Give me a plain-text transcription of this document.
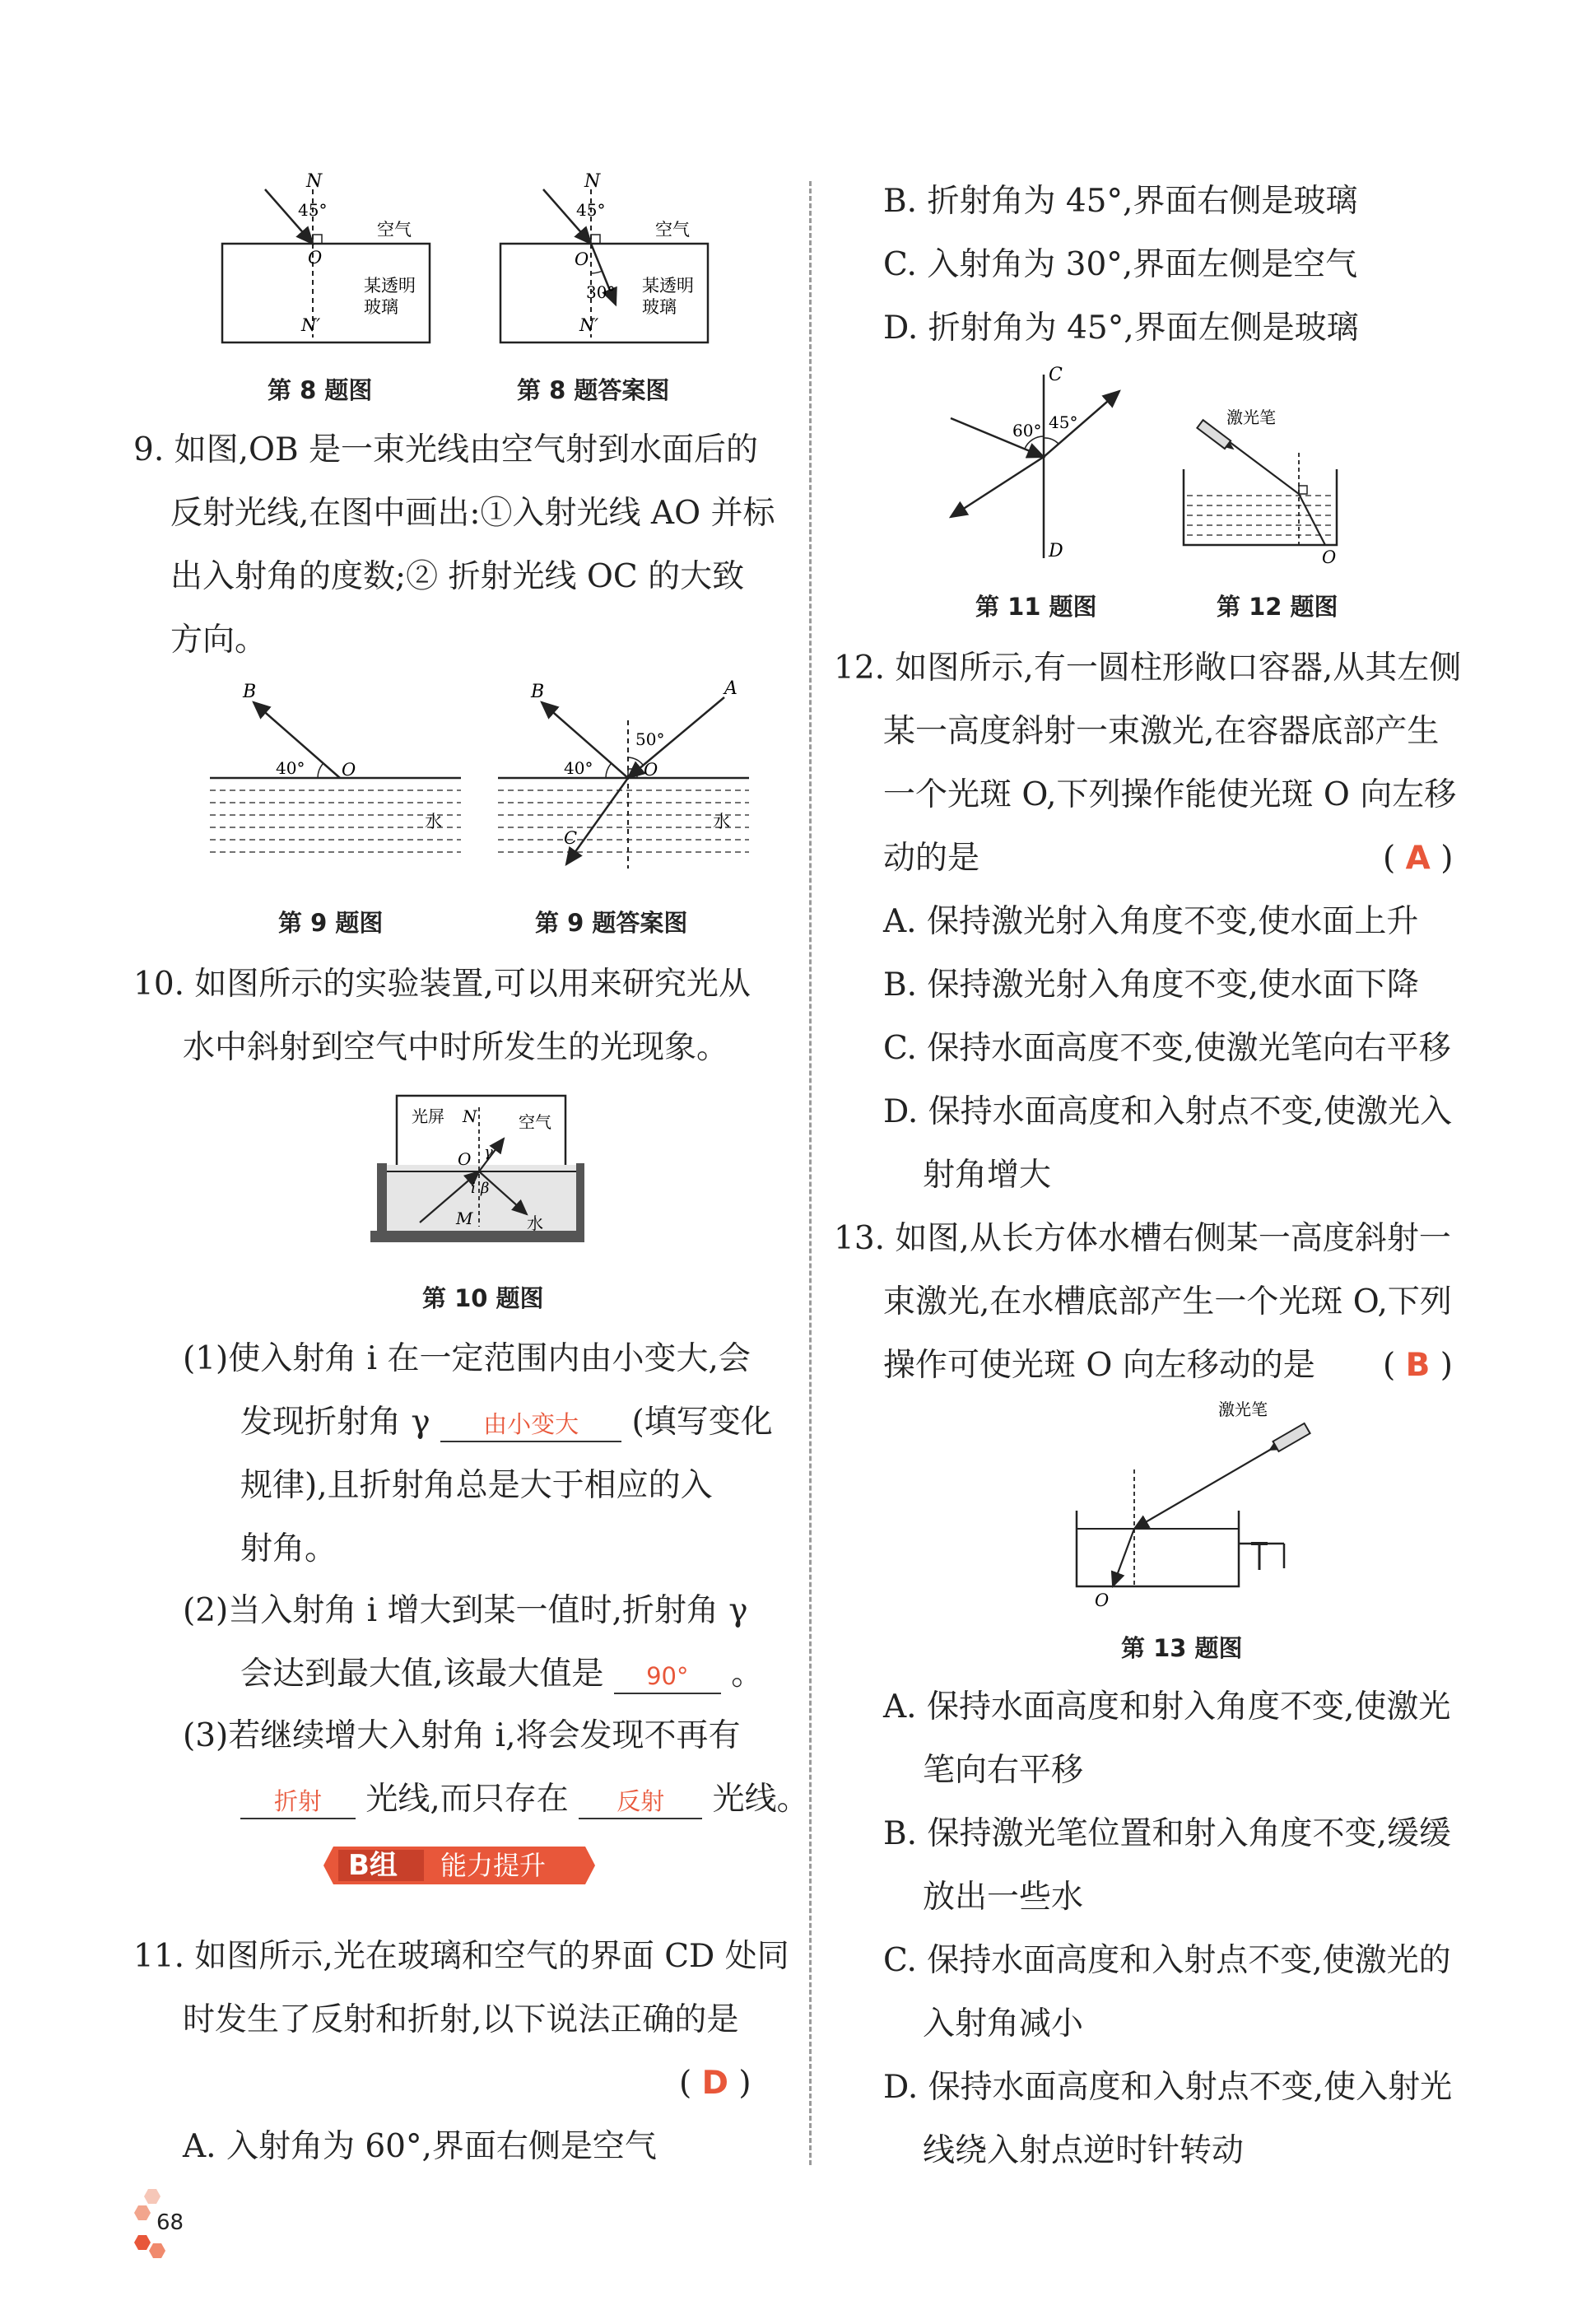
N
45°
空气
O
某透明
玻璃
N′
N
45°
空气
O
30° 某透明
玻璃
N′
第 8 题图	第 8 题答案图
9. 如图,OB 是一束光线由空气射到水面后的
反射光线,在图中画出:①入射光线 AO 并标
出入射角的度数;② 折射光线 OC 的大致
方向。
B
40° O
水
B	A
50°
40°	O
C
水
第 9 题图	第 9 题答案图
10. 如图所示的实验装置,可以用来研究光从
水中斜射到空气中时所发生的光现象。
光屏 N	空气
O γ
i β
M	水
第 10 题图
(1)使入射角 i 在一定范围内由小变大,会
发现折射角 γ 由小变大 (填写变化
规律),且折射角总是大于相应的入
射角。
(2)当入射角 i 增大到某一值时,折射角 γ
会达到最大值,该最大值是 90° 。
(3)若继续增大入射角 i,将会发现不再有
折射 光线,而只存在 反射 光线。
B组 能力提升
11. 如图所示,光在玻璃和空气的界面 CD 处同
时发生了反射和折射,以下说法正确的是
( D )
A. 入射角为 60°,界面右侧是空气
B. 折射角为 45°,界面右侧是玻璃
C. 入射角为 30°,界面左侧是空气
D. 折射角为 45°,界面左侧是玻璃
C
60° 45°
D
激光笔
O
第 11 题图	第 12 题图
12. 如图所示,有一圆柱形敞口容器,从其左侧
某一高度斜射一束激光,在容器底部产生
一个光斑 O,下列操作能使光斑 O 向左移
动的是	( A )
A. 保持激光射入角度不变,使水面上升
B. 保持激光射入角度不变,使水面下降
C. 保持水面高度不变,使激光笔向右平移
D. 保持水面高度和入射点不变,使激光入
射角增大
13. 如图,从长方体水槽右侧某一高度斜射一
束激光,在水槽底部产生一个光斑 O,下列
操作可使光斑 O 向左移动的是 ( B )
激光笔
O
第 13 题图
A. 保持水面高度和射入角度不变,使激光
笔向右平移
B. 保持激光笔位置和射入角度不变,缓缓
放出一些水
C. 保持水面高度和入射点不变,使激光的
入射角减小
D. 保持水面高度和入射点不变,使入射光
线绕入射点逆时针转动
68
